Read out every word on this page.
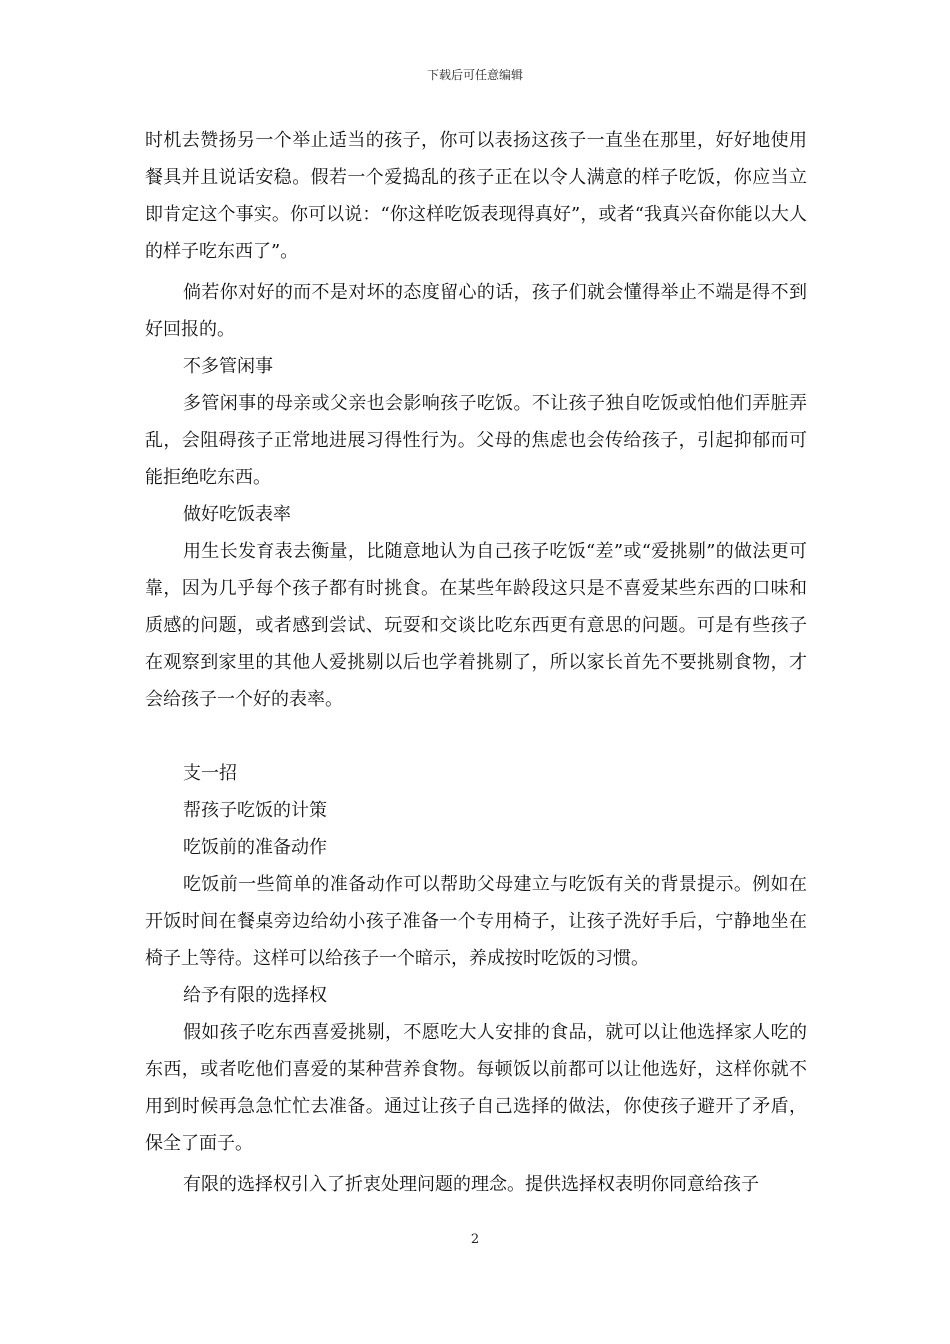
下载后可任意编辑

时机去赞扬另一个举止适当的孩子，你可以表扬这孩子一直坐在那里，好好地使用餐具并且说话安稳。假若一个爱捣乱的孩子正在以令人满意的样子吃饭，你应当立即肯定这个事实。你可以说：“你这样吃饭表现得真好”，或者“我真兴奋你能以大人的样子吃东西了”。

倘若你对好的而不是对坏的态度留心的话，孩子们就会懂得举止不端是得不到好回报的。

不多管闲事

多管闲事的母亲或父亲也会影响孩子吃饭。不让孩子独自吃饭或怕他们弄脏弄乱，会阻碍孩子正常地进展习得性行为。父母的焦虑也会传给孩子，引起抑郁而可能拒绝吃东西。

做好吃饭表率

用生长发育表去衡量，比随意地认为自己孩子吃饭“差”或“爱挑剔”的做法更可靠，因为几乎每个孩子都有时挑食。在某些年龄段这只是不喜爱某些东西的口味和质感的问题，或者感到尝试、玩耍和交谈比吃东西更有意思的问题。可是有些孩子在观察到家里的其他人爱挑剔以后也学着挑剔了，所以家长首先不要挑剔食物，才会给孩子一个好的表率。

支一招

帮孩子吃饭的计策

吃饭前的准备动作

吃饭前一些简单的准备动作可以帮助父母建立与吃饭有关的背景提示。例如在开饭时间在餐桌旁边给幼小孩子准备一个专用椅子，让孩子洗好手后，宁静地坐在椅子上等待。这样可以给孩子一个暗示，养成按时吃饭的习惯。

给予有限的选择权

假如孩子吃东西喜爱挑剔，不愿吃大人安排的食品，就可以让他选择家人吃的东西，或者吃他们喜爱的某种营养食物。每顿饭以前都可以让他选好，这样你就不用到时候再急急忙忙去准备。通过让孩子自己选择的做法，你使孩子避开了矛盾，保全了面子。

有限的选择权引入了折衷处理问题的理念。提供选择权表明你同意给孩子

2
